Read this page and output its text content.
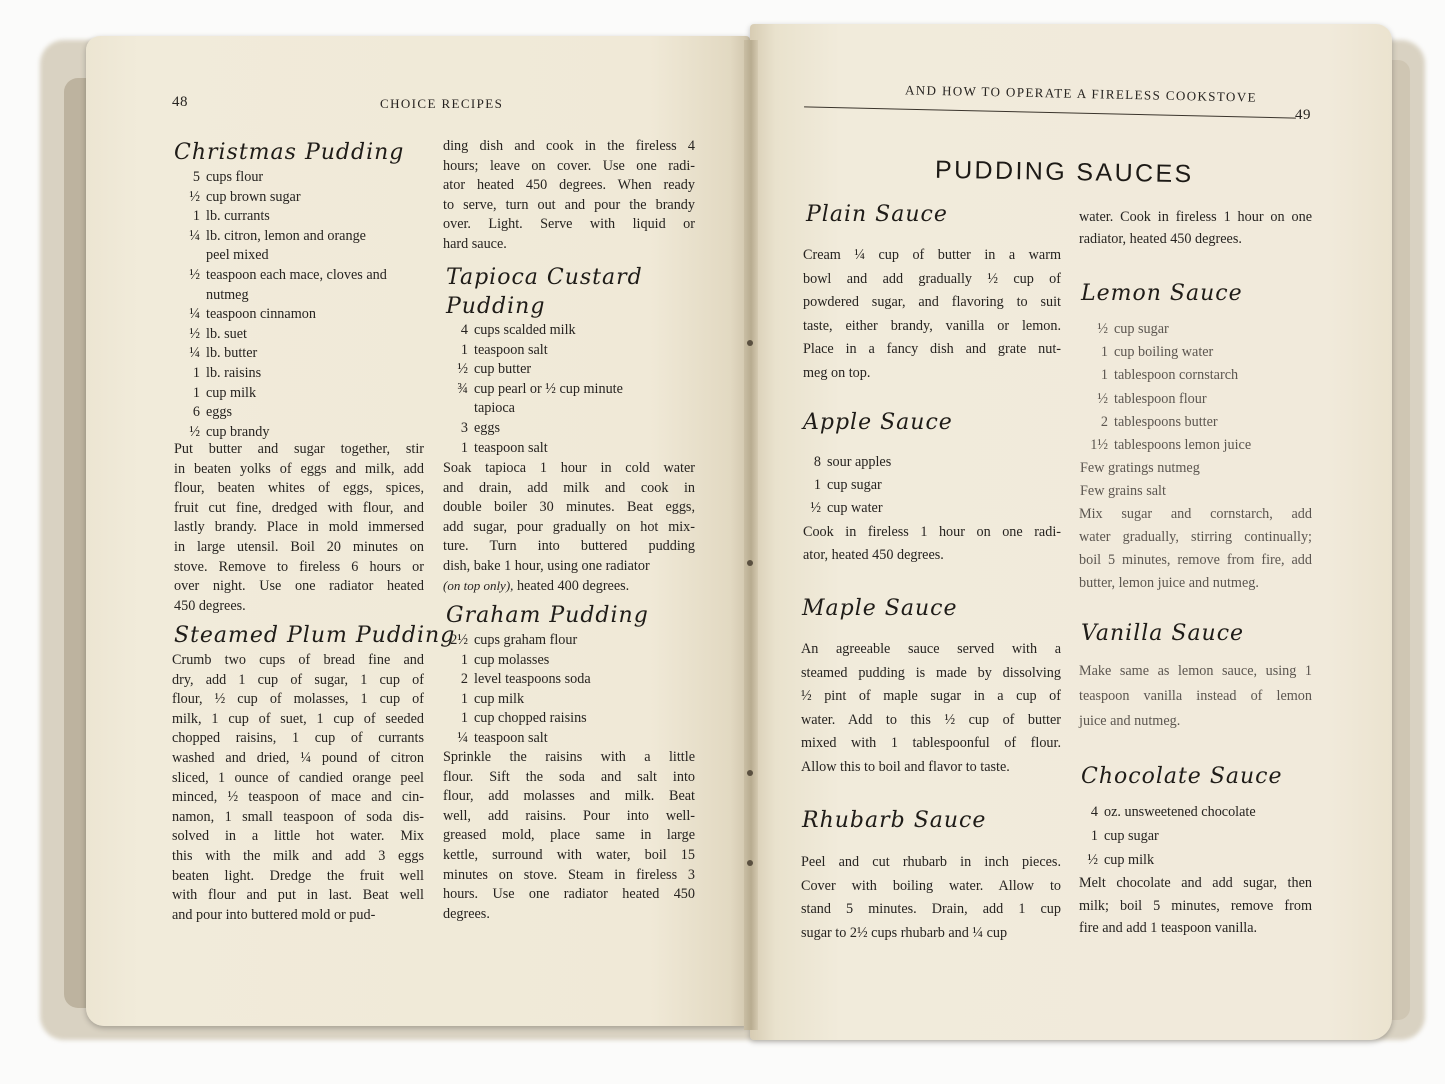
48	CHOICE RECIPES
Christmas Pudding
5 cups flour
½ cup brown sugar
1 lb. currants
¼ lb. citron, lemon and orange
peel mixed
½ teaspoon each mace, cloves and
nutmeg
¼ teaspoon cinnamon
½ lb. suet
¼ lb. butter
1 lb. raisins
1 cup milk
6 eggs
½ cup brandy
Put butter and sugar together, stir
in beaten yolks of eggs and milk, add
flour, beaten whites of eggs, spices,
fruit cut fine, dredged with flour, and
lastly brandy. Place in mold immersed
in large utensil. Boil 20 minutes on
stove. Remove to fireless 6 hours or
over night. Use one radiator heated
450 degrees.
Steamed Plum Pudding
Crumb two cups of bread fine and
dry, add 1 cup of sugar, 1 cup of
flour, ½ cup of molasses, 1 cup of
milk, 1 cup of suet, 1 cup of seeded
chopped raisins, 1 cup of currants
washed and dried, ¼ pound of citron
sliced, 1 ounce of candied orange peel
minced, ½ teaspoon of mace and cin-
namon, 1 small teaspoon of soda dis-
solved in a little hot water. Mix
this with the milk and add 3 eggs
beaten light. Dredge the fruit well
with flour and put in last. Beat well
and pour into buttered mold or pud-
ding dish and cook in the fireless 4
hours; leave on cover. Use one radi-
ator heated 450 degrees. When ready
to serve, turn out and pour the brandy
over. Light. Serve with liquid or
hard sauce.
Tapioca Custard
Pudding
4 cups scalded milk
1 teaspoon salt
½ cup butter
¾ cup pearl or ½ cup minute
tapioca
3 eggs
1 teaspoon salt
Soak tapioca 1 hour in cold water
and drain, add milk and cook in
double boiler 30 minutes. Beat eggs,
add sugar, pour gradually on hot mix-
ture. Turn into buttered pudding
dish, bake 1 hour, using one radiator
(on top only), heated 400 degrees.
Graham Pudding
2½ cups graham flour
1 cup molasses
2 level teaspoons soda
1 cup milk
1 cup chopped raisins
¼ teaspoon salt
Sprinkle the raisins with a little
flour. Sift the soda and salt into
flour, add molasses and milk. Beat
well, add raisins. Pour into well-
greased mold, place same in large
kettle, surround with water, boil 15
minutes on stove. Steam in fireless 3
hours. Use one radiator heated 450
degrees.
AND HOW TO OPERATE A FIRELESS COOKSTOVE
49
PUDDING SAUCES
Plain Sauce
Cream ¼ cup of butter in a warm
bowl and add gradually ½ cup of
powdered sugar, and flavoring to suit
taste, either brandy, vanilla or lemon.
Place in a fancy dish and grate nut-
meg on top.
Apple Sauce
8 sour apples
1 cup sugar
½ cup water
Cook in fireless 1 hour on one radi-
ator, heated 450 degrees.
Maple Sauce
An agreeable sauce served with a
steamed pudding is made by dissolving
½ pint of maple sugar in a cup of
water. Add to this ½ cup of butter
mixed with 1 tablespoonful of flour.
Allow this to boil and flavor to taste.
Rhubarb Sauce
Peel and cut rhubarb in inch pieces.
Cover with boiling water. Allow to
stand 5 minutes. Drain, add 1 cup
sugar to 2½ cups rhubarb and ¼ cup
water. Cook in fireless 1 hour on one
radiator, heated 450 degrees.
Lemon Sauce
½ cup sugar
1 cup boiling water
1 tablespoon cornstarch
½ tablespoon flour
2 tablespoons butter
1½ tablespoons lemon juice
Few gratings nutmeg
Few grains salt
Mix sugar and cornstarch, add
water gradually, stirring continually;
boil 5 minutes, remove from fire, add
butter, lemon juice and nutmeg.
Vanilla Sauce
Make same as lemon sauce, using 1
teaspoon vanilla instead of lemon
juice and nutmeg.
Chocolate Sauce
4 oz. unsweetened chocolate
1 cup sugar
½ cup milk
Melt chocolate and add sugar, then
milk; boil 5 minutes, remove from
fire and add 1 teaspoon vanilla.
